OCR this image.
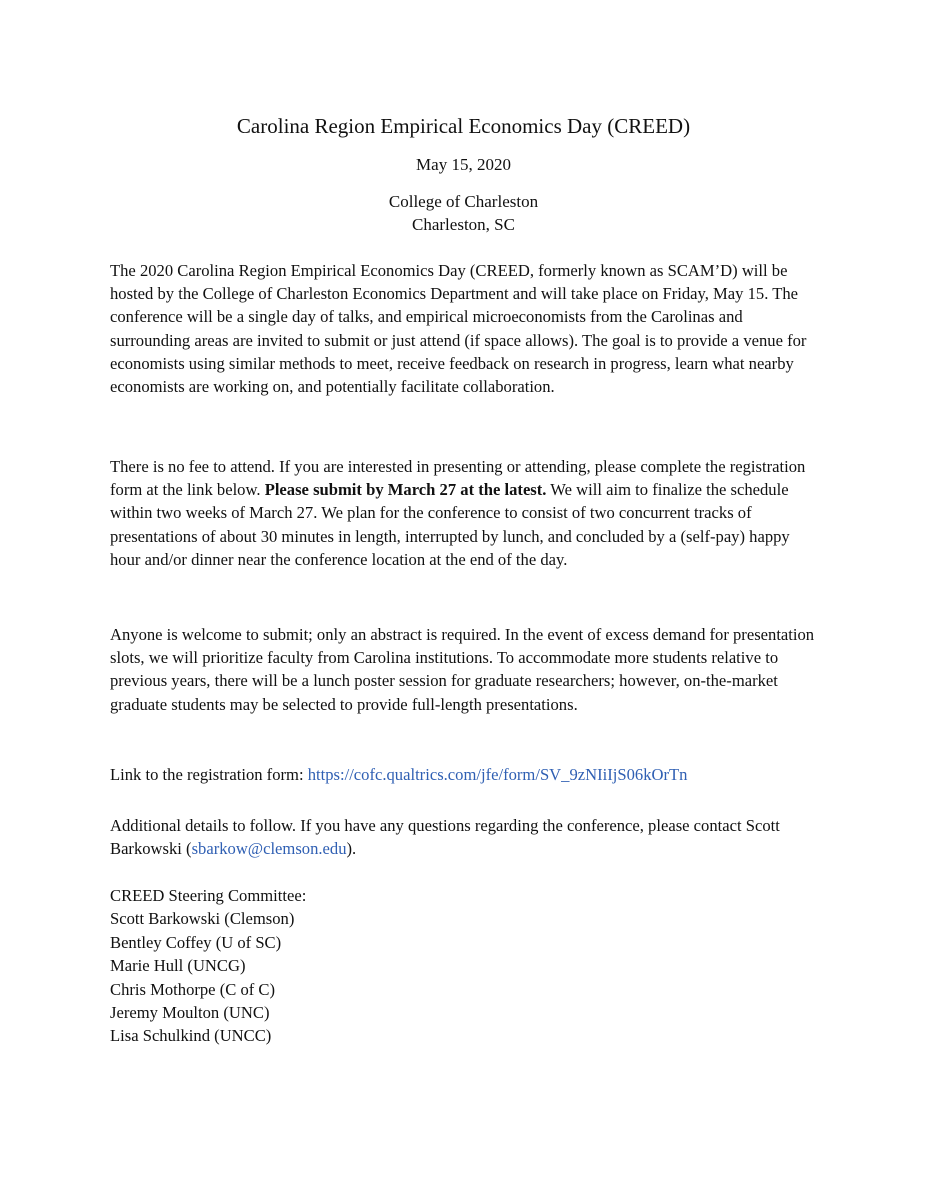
Carolina Region Empirical Economics Day (CREED)
May 15, 2020
College of Charleston
Charleston, SC
The 2020 Carolina Region Empirical Economics Day (CREED, formerly known as SCAM’D) will be hosted by the College of Charleston Economics Department and will take place on Friday, May 15. The conference will be a single day of talks, and empirical microeconomists from the Carolinas and surrounding areas are invited to submit or just attend (if space allows). The goal is to provide a venue for economists using similar methods to meet, receive feedback on research in progress, learn what nearby economists are working on, and potentially facilitate collaboration.
There is no fee to attend. If you are interested in presenting or attending, please complete the registration form at the link below. Please submit by March 27 at the latest. We will aim to finalize the schedule within two weeks of March 27. We plan for the conference to consist of two concurrent tracks of presentations of about 30 minutes in length, interrupted by lunch, and concluded by a (self-pay) happy hour and/or dinner near the conference location at the end of the day.
Anyone is welcome to submit; only an abstract is required. In the event of excess demand for presentation slots, we will prioritize faculty from Carolina institutions. To accommodate more students relative to previous years, there will be a lunch poster session for graduate researchers; however, on-the-market graduate students may be selected to provide full-length presentations.
Link to the registration form: https://cofc.qualtrics.com/jfe/form/SV_9zNIiIjS06kOrTn
Additional details to follow. If you have any questions regarding the conference, please contact Scott Barkowski (sbarkow@clemson.edu).
CREED Steering Committee:
Scott Barkowski (Clemson)
Bentley Coffey (U of SC)
Marie Hull (UNCG)
Chris Mothorpe (C of C)
Jeremy Moulton (UNC)
Lisa Schulkind (UNCC)
